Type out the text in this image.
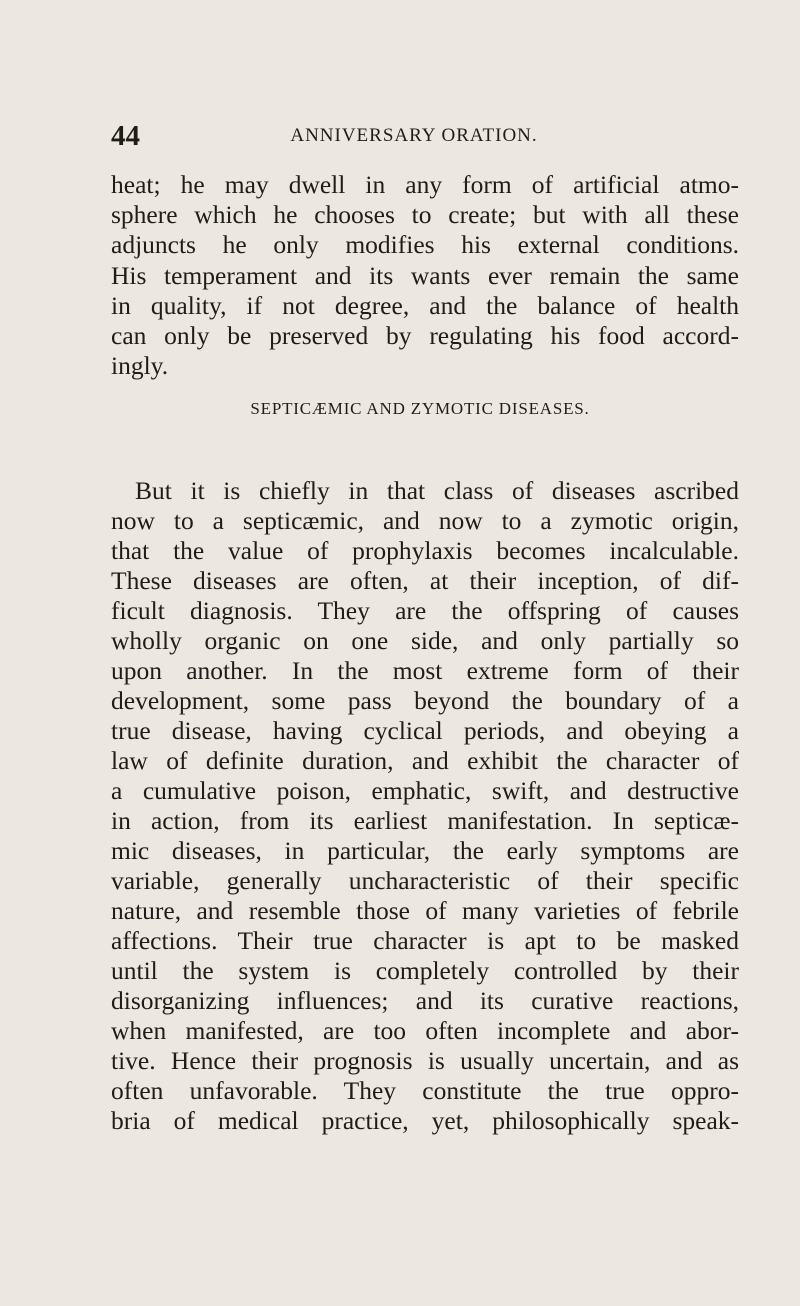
44	ANNIVERSARY ORATION.
heat; he may dwell in any form of artificial atmo-
sphere which he chooses to create; but with all these
adjuncts he only modifies his external conditions.
His temperament and its wants ever remain the same
in quality, if not degree, and the balance of health
can only be preserved by regulating his food accord-
ingly.
SEPTICÆMIC AND ZYMOTIC DISEASES.
But it is chiefly in that class of diseases ascribed
now to a septicæmic, and now to a zymotic origin,
that the value of prophylaxis becomes incalculable.
These diseases are often, at their inception, of dif-
ficult diagnosis. They are the offspring of causes
wholly organic on one side, and only partially so
upon another. In the most extreme form of their
development, some pass beyond the boundary of a
true disease, having cyclical periods, and obeying a
law of definite duration, and exhibit the character of
a cumulative poison, emphatic, swift, and destructive
in action, from its earliest manifestation. In septicæ-
mic diseases, in particular, the early symptoms are
variable, generally uncharacteristic of their specific
nature, and resemble those of many varieties of febrile
affections. Their true character is apt to be masked
until the system is completely controlled by their
disorganizing influences; and its curative reactions,
when manifested, are too often incomplete and abor-
tive. Hence their prognosis is usually uncertain, and as
often unfavorable. They constitute the true oppro-
bria of medical practice, yet, philosophically speak-
